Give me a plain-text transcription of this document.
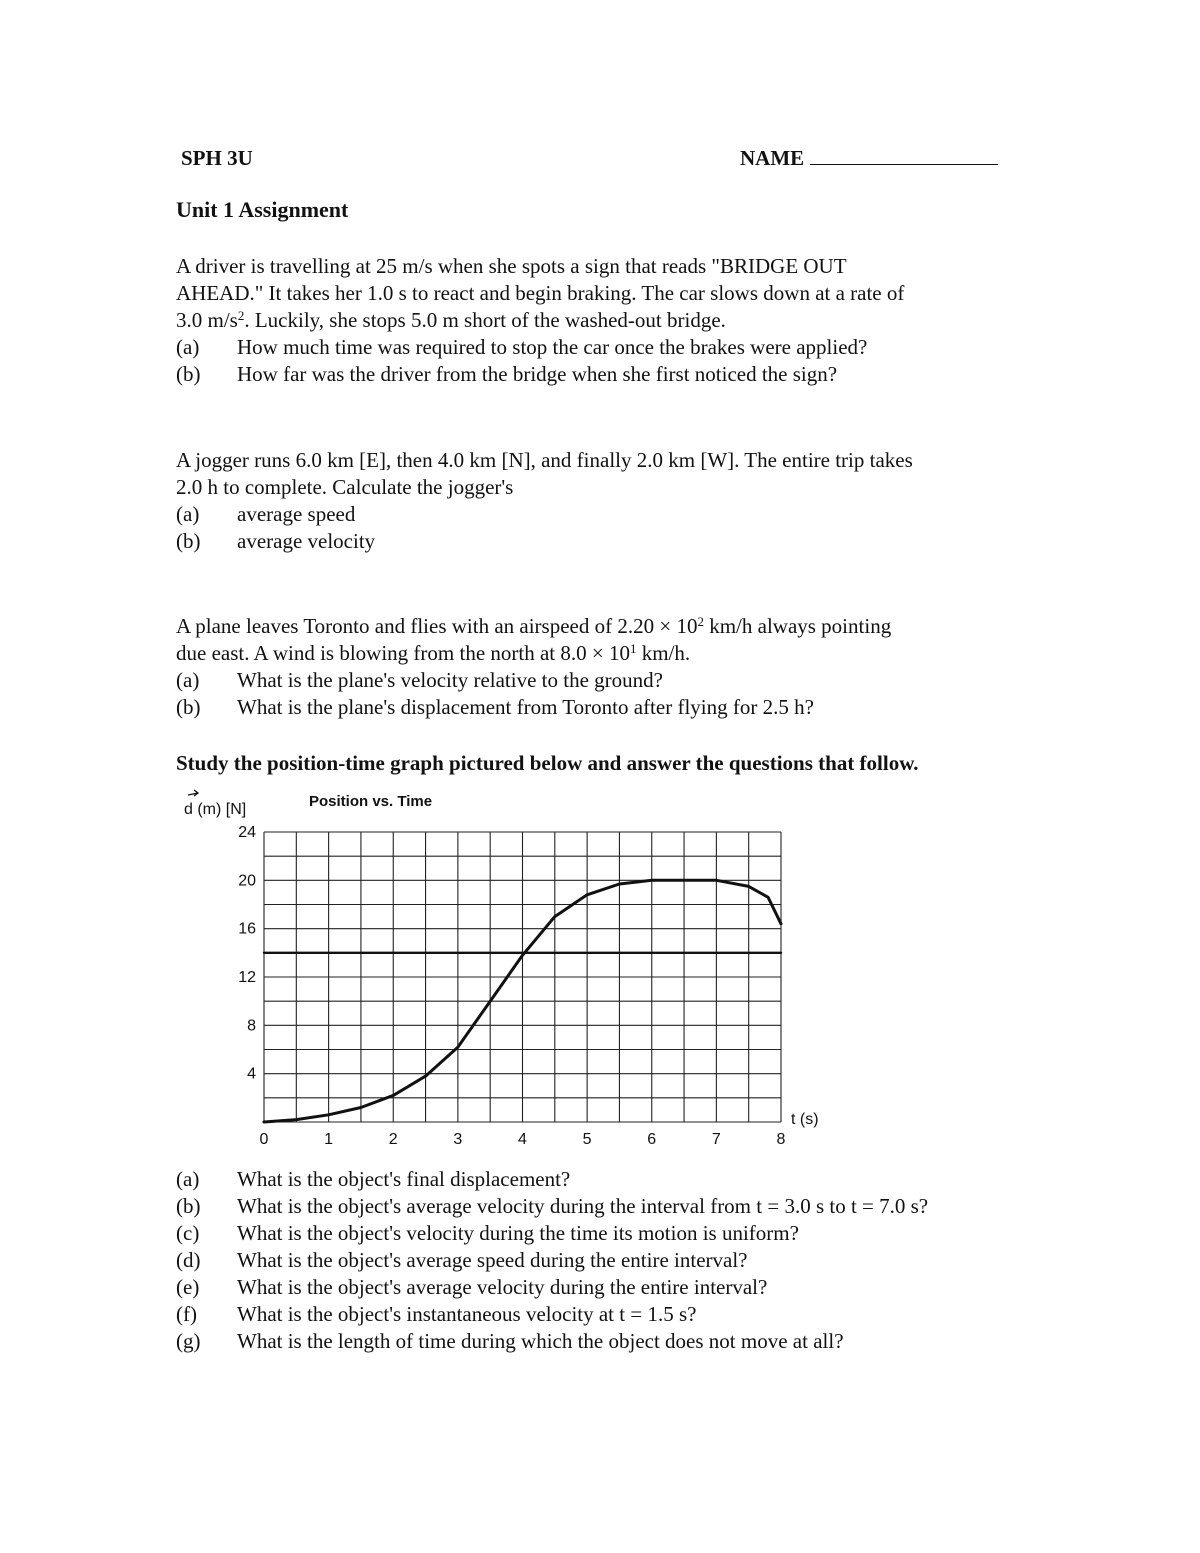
SPH 3U	NAME
Unit 1 Assignment

A driver is travelling at 25 m/s when she spots a sign that reads "BRIDGE OUT

AHEAD." It takes her 1.0 s to react and begin braking. The car slows down at a rate of

3.0 $m/s^2$. Luckily, she stops 5.0 m short of the washed-out bridge.

(a)	How much time was required to stop the car once the brakes were applied?
(b)	How far was the driver from the bridge when she first noticed the sign?

A jogger runs 6.0 km [E], then 4.0 km [N], and finally 2.0 km [W]. The entire trip takes

2.0 h to complete. Calculate the jogger's

(a)	average speed
(b)	average velocity

A plane leaves Toronto and flies with an airspeed of $2.20 \times 10^2$ km/h always pointing

due east. A wind is blowing from the north at $8.0 \times 10^1$ km/h.

(a)	What is the plane's velocity relative to the ground?
(b)	What is the plane's displacement from Toronto after flying for 2.5 h?
Study the position-time graph pictured below and answer the questions that follow.
0	1	2	3	4	5	6	7	8
4
8
12
16
20
24
d (m) [N]	Position vs. Time
t (s)
(a)	What is the object's final displacement?
(b)	What is the object's average velocity during the interval from t = 3.0 s to t = 7.0 s?
(c)	What is the object's velocity during the time its motion is uniform?
(d)	What is the object's average speed during the entire interval?
(e)	What is the object's average velocity during the entire interval?
(f)	What is the object's instantaneous velocity at t = 1.5 s?
(g)	What is the length of time during which the object does not move at all?
